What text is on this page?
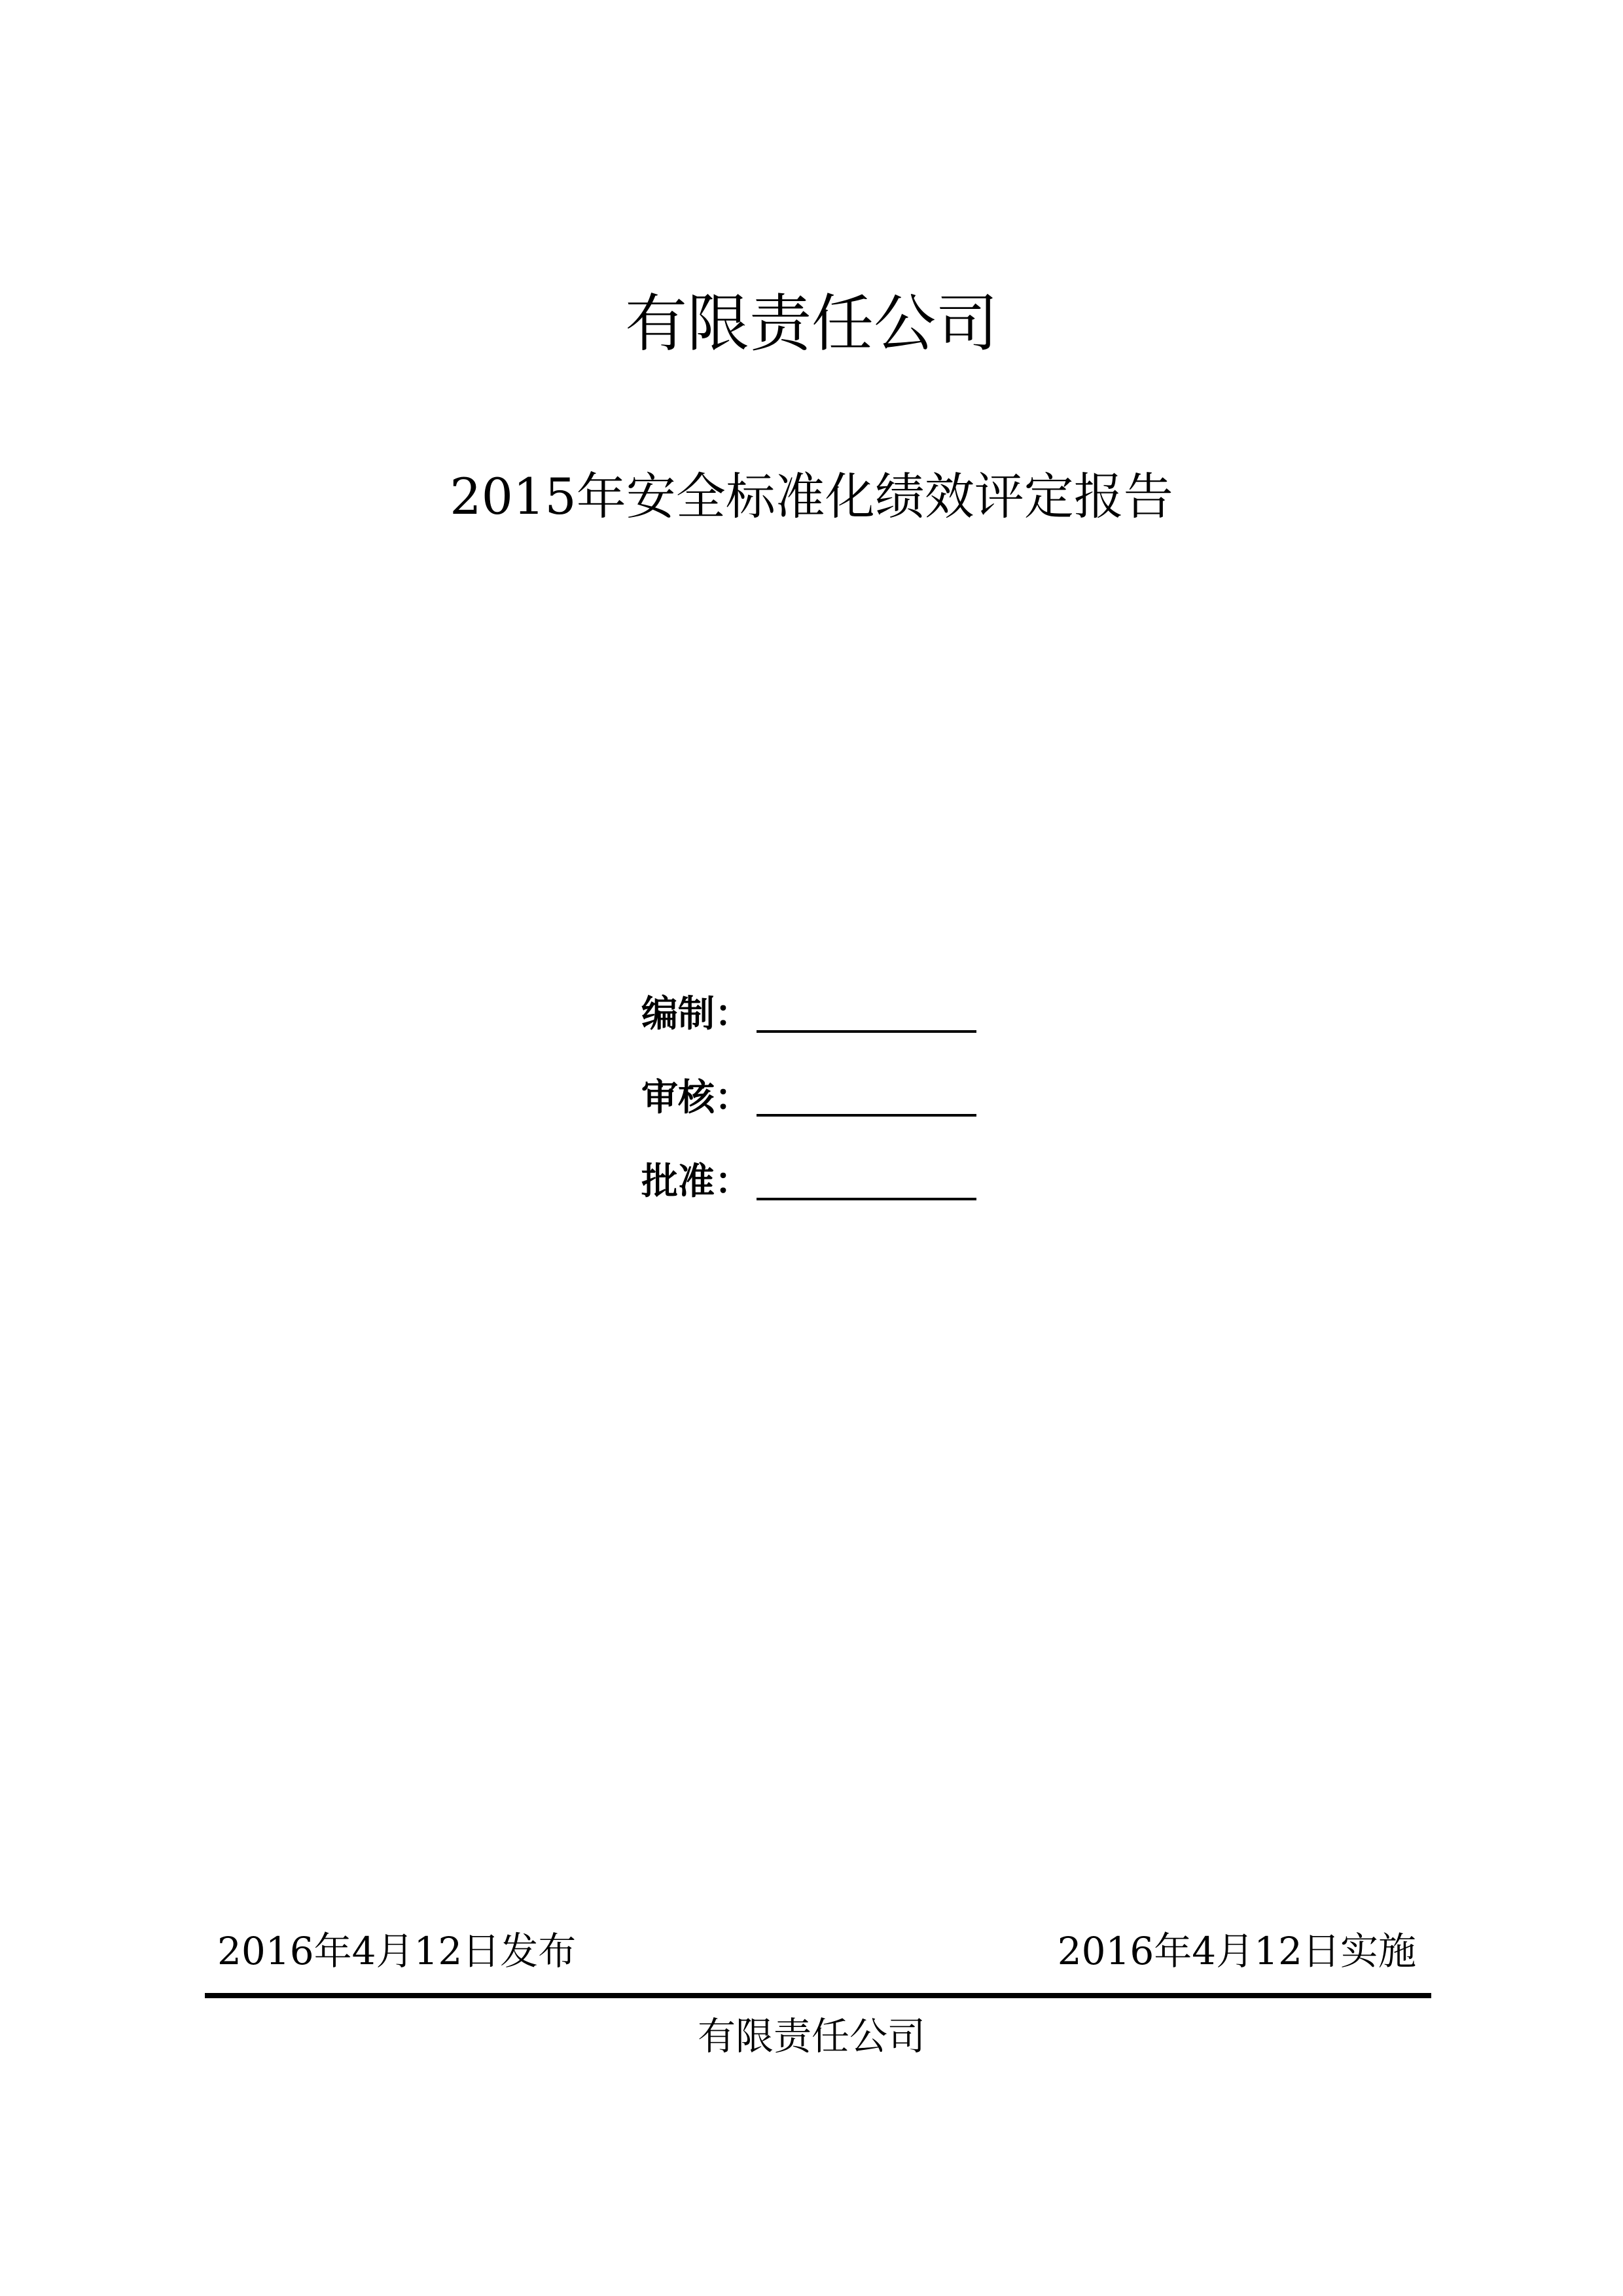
有限责任公司
2015年安全标准化绩效评定报告
编制：
审核：
批准：
2016年4月12日发布	2016年4月12日实施
有限责任公司
